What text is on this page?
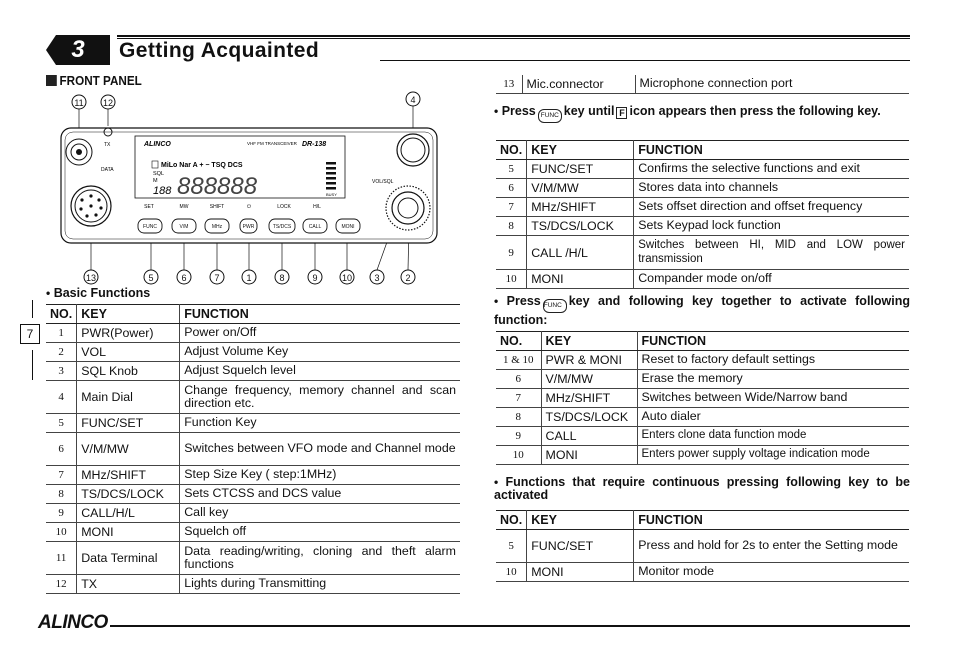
3	Getting Acquainted
FRONT PANEL
11 12	4
13	5	6	7	1	8	9	10 3	2
TX
DATA
ALINCO	VHF FM TRANSCEIVER DR-138
MiLo Nar A + − TSQ DCS
SQL
M
188 888888	BUSY
SET	MW	SHIFT	⏻	LOCK	H/L
FUNC	V/M	MHz	PWR	TS/DCS	CALL	MONI
VOL/SQL
7
• Basic Functions
NO.	KEY	FUNCTION
1	PWR(Power)	Power on/Off
2	VOL	Adjust Volume Key
3	SQL Knob	Adjust Squelch level
4	Main Dial	Change frequency, memory channel and scan direction etc.
5	FUNC/SET	Function Key
6	V/M/MW	Switches between VFO mode and Channel mode
7	MHz/SHIFT	Step Size Key ( step:1MHz)
8	TS/DCS/LOCK	Sets CTCSS and DCS value
9	CALL/H/L	Call key
10	MONI	Squelch off
11	Data Terminal	Data reading/writing, cloning and theft alarm functions
12	TX	Lights during Transmitting
13	Mic.connector	Microphone connection port
• Press FUNC key until F icon appears then press the following key.
NO.	KEY	FUNCTION
5	FUNC/SET	Confirms the selective functions and exit
6	V/M/MW	Stores data into channels
7	MHz/SHIFT	Sets offset direction and offset frequency
8	TS/DCS/LOCK	Sets Keypad lock function
9	CALL /H/L	Switches between HI, MID and LOW power transmission
10	MONI	Compander mode on/off
• Press FUNC key and following key together to activate following function:
NO.	KEY	FUNCTION
1 & 10	PWR & MONI	Reset to factory default settings
6	V/M/MW	Erase the memory
7	MHz/SHIFT	Switches between Wide/Narrow band
8	TS/DCS/LOCK	Auto dialer
9	CALL	Enters clone data function mode
10	MONI	Enters power supply voltage indication mode
• Functions that require continuous pressing following key to be activated
NO.	KEY	FUNCTION
5	FUNC/SET	Press and hold for 2s to enter the Setting mode
10	MONI	Monitor mode
ALINCO
